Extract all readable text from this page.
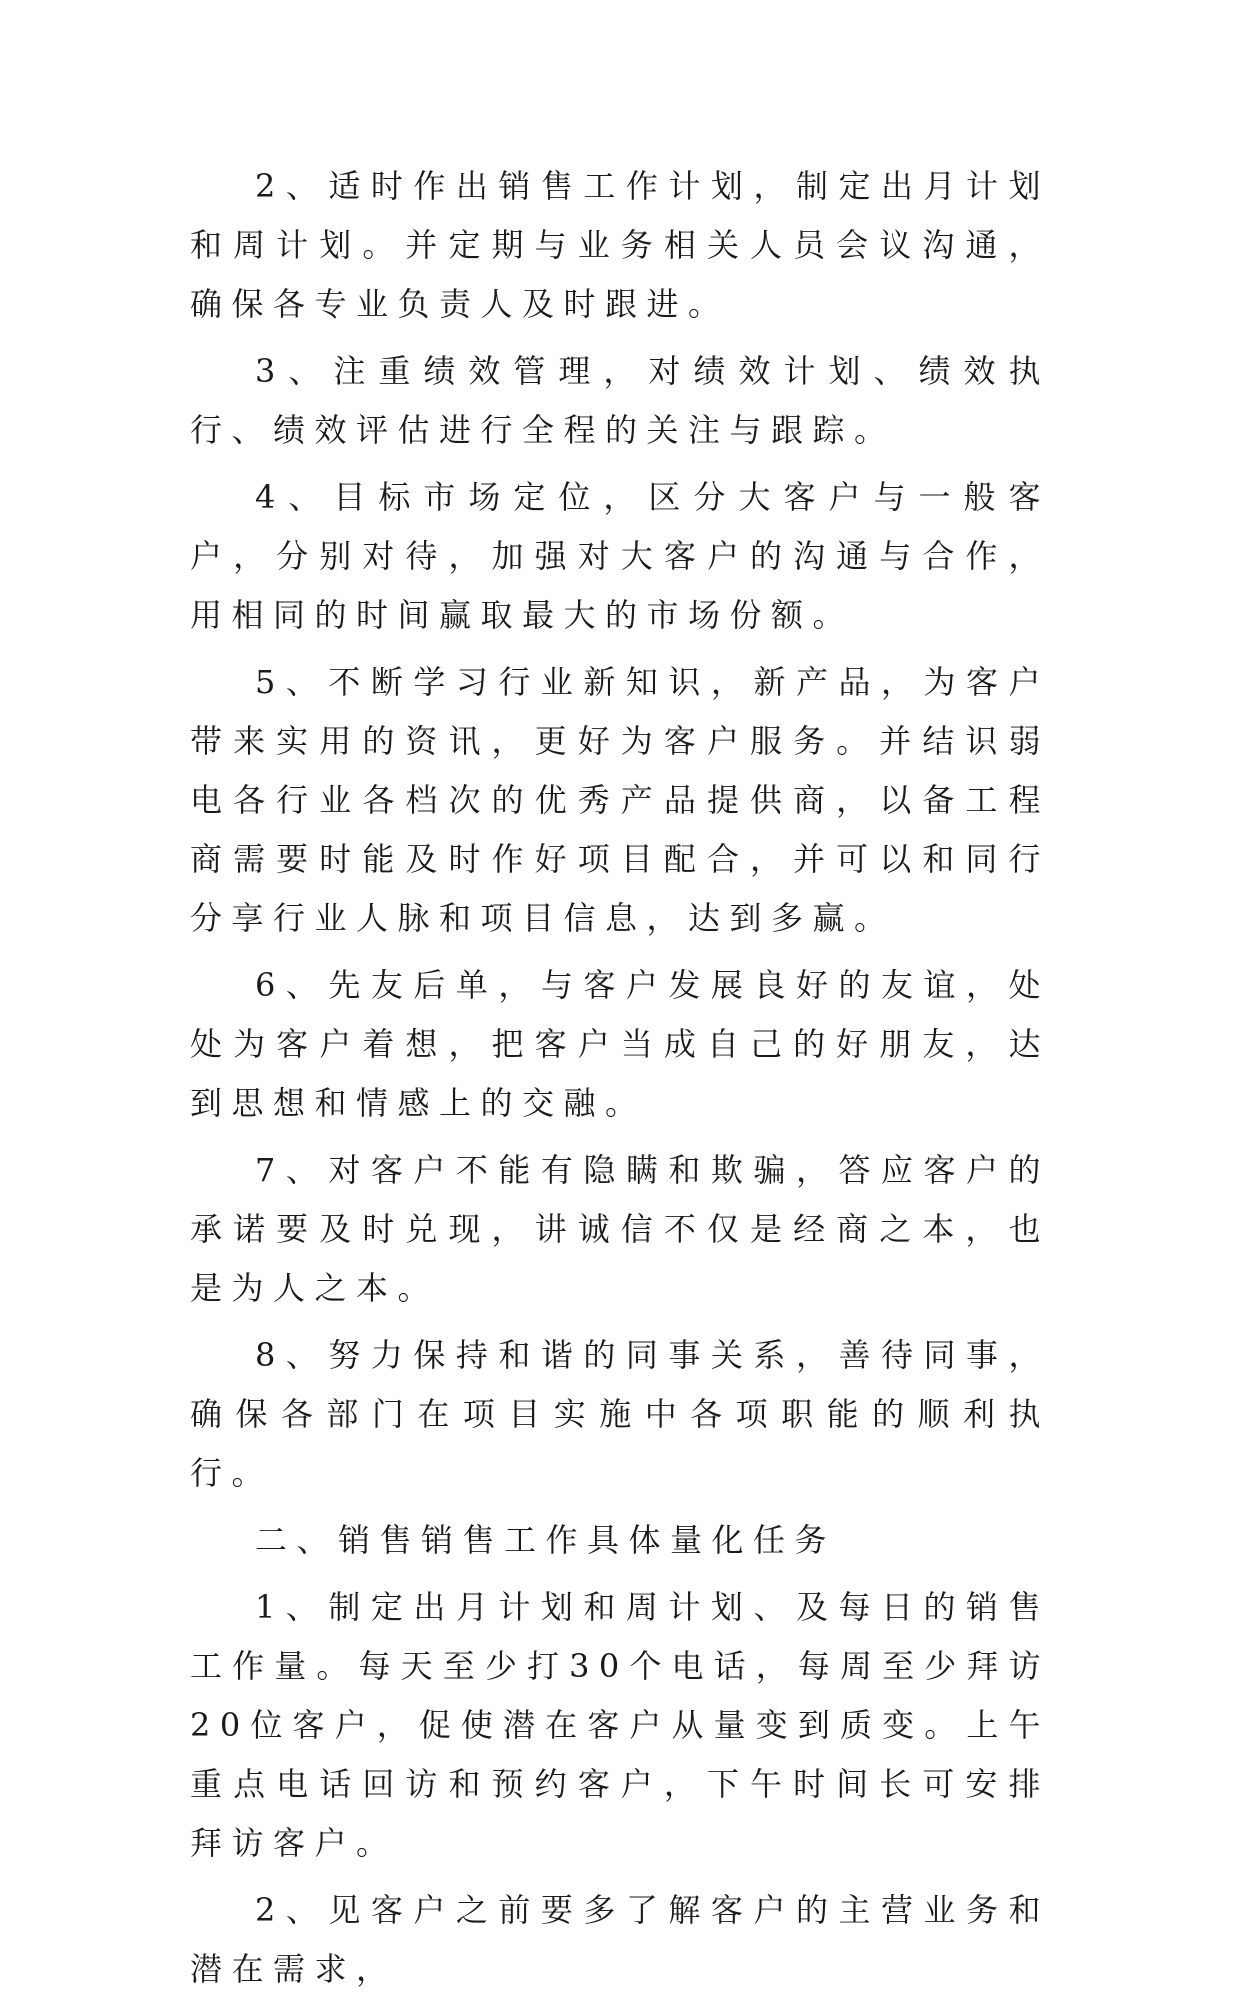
2、适时作出销售工作计划，制定出月计划和周计划。并定期与业务相关人员会议沟通，确保各专业负责人及时跟进。

3、注重绩效管理，对绩效计划、绩效执行、绩效评估进行全程的关注与跟踪。

4、目标市场定位，区分大客户与一般客户，分别对待，加强对大客户的沟通与合作，用相同的时间赢取最大的市场份额。

5、不断学习行业新知识，新产品，为客户带来实用的资讯，更好为客户服务。并结识弱电各行业各档次的优秀产品提供商，以备工程商需要时能及时作好项目配合，并可以和同行分享行业人脉和项目信息，达到多赢。

6、先友后单，与客户发展良好的友谊，处处为客户着想，把客户当成自己的好朋友，达到思想和情感上的交融。

7、对客户不能有隐瞒和欺骗，答应客户的承诺要及时兑现，讲诚信不仅是经商之本，也是为人之本。

8、努力保持和谐的同事关系，善待同事，确保各部门在项目实施中各项职能的顺利执行。

二、销售销售工作具体量化任务

1、制定出月计划和周计划、及每日的销售工作量。每天至少打30个电话，每周至少拜访20位客户，促使潜在客户从量变到质变。上午重点电话回访和预约客户，下午时间长可安排拜访客户。

2、见客户之前要多了解客户的主营业务和潜在需求，
